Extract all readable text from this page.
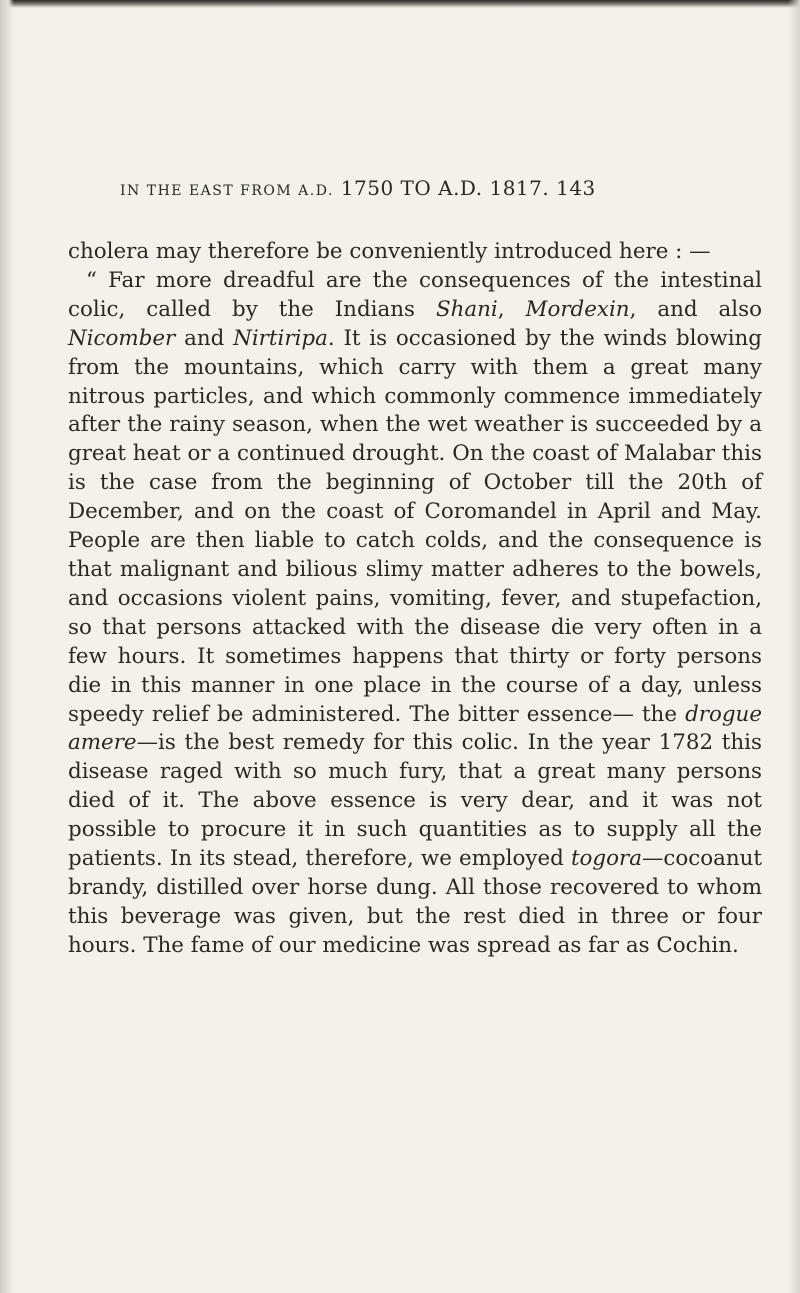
IN THE EAST FROM A.D. 1750 TO A.D. 1817. 143

cholera may therefore be conveniently introduced here : —

“ Far more dreadful are the consequences of the intestinal colic, called by the Indians Shani, Mordexin, and also Nicomber and Nirtiripa. It is occasioned by the winds blowing from the mountains, which carry with them a great many nitrous particles, and which commonly commence immediately after the rainy season, when the wet weather is succeeded by a great heat or a continued drought. On the coast of Malabar this is the case from the beginning of October till the 20th of December, and on the coast of Coromandel in April and May. People are then liable to catch colds, and the consequence is that malignant and bilious slimy matter adheres to the bowels, and occasions violent pains, vomiting, fever, and stupefaction, so that persons attacked with the disease die very often in a few hours. It sometimes happens that thirty or forty persons die in this manner in one place in the course of a day, unless speedy relief be administered. The bitter essence— the drogue amere—is the best remedy for this colic. In the year 1782 this disease raged with so much fury, that a great many persons died of it. The above essence is very dear, and it was not possible to procure it in such quantities as to supply all the patients. In its stead, therefore, we employed togora—cocoanut brandy, distilled over horse dung. All those recovered to whom this beverage was given, but the rest died in three or four hours. The fame of our medicine was spread as far as Cochin.
